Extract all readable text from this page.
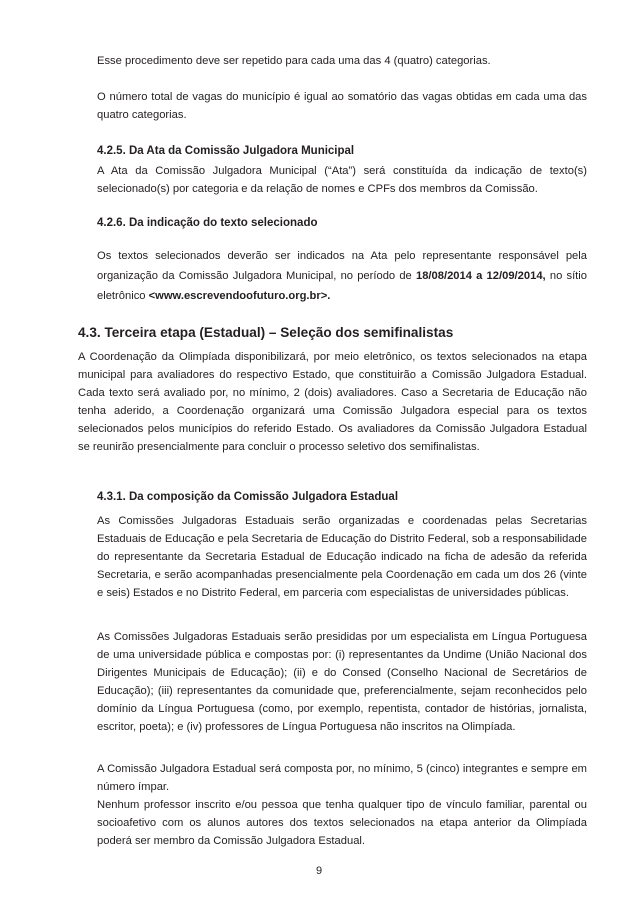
Esse procedimento deve ser repetido para cada uma das 4 (quatro) categorias.

O número total de vagas do município é igual ao somatório das vagas obtidas em cada uma das quatro categorias.

4.2.5. Da Ata da Comissão Julgadora Municipal

A Ata da Comissão Julgadora Municipal (“Ata”) será constituída da indicação de texto(s) selecionado(s) por categoria e da relação de nomes e CPFs dos membros da Comissão.

4.2.6. Da indicação do texto selecionado

Os textos selecionados deverão ser indicados na Ata pelo representante responsável pela organização da Comissão Julgadora Municipal, no período de 18/08/2014 a 12/09/2014, no sítio eletrônico <www.escrevendoofuturo.org.br>.

4.3. Terceira etapa (Estadual) – Seleção dos semifinalistas

A Coordenação da Olimpíada disponibilizará, por meio eletrônico, os textos selecionados na etapa municipal para avaliadores do respectivo Estado, que constituirão a Comissão Julgadora Estadual. Cada texto será avaliado por, no mínimo, 2 (dois) avaliadores. Caso a Secretaria de Educação não tenha aderido, a Coordenação organizará uma Comissão Julgadora especial para os textos selecionados pelos municípios do referido Estado. Os avaliadores da Comissão Julgadora Estadual se reunirão presencialmente para concluir o processo seletivo dos semifinalistas.

4.3.1. Da composição da Comissão Julgadora Estadual

As Comissões Julgadoras Estaduais serão organizadas e coordenadas pelas Secretarias Estaduais de Educação e pela Secretaria de Educação do Distrito Federal, sob a responsabilidade do representante da Secretaria Estadual de Educação indicado na ficha de adesão da referida Secretaria, e serão acompanhadas presencialmente pela Coordenação em cada um dos 26 (vinte e seis) Estados e no Distrito Federal, em parceria com especialistas de universidades públicas.

As Comissões Julgadoras Estaduais serão presididas por um especialista em Língua Portuguesa de uma universidade pública e compostas por: (i) representantes da Undime (União Nacional dos Dirigentes Municipais de Educação); (ii) e do Consed (Conselho Nacional de Secretários de Educação); (iii) representantes da comunidade que, preferencialmente, sejam reconhecidos pelo domínio da Língua Portuguesa (como, por exemplo, repentista, contador de histórias, jornalista, escritor, poeta); e (iv) professores de Língua Portuguesa não inscritos na Olimpíada.

A Comissão Julgadora Estadual será composta por, no mínimo, 5 (cinco) integrantes e sempre em número ímpar.

Nenhum professor inscrito e/ou pessoa que tenha qualquer tipo de vínculo familiar, parental ou socioafetivo com os alunos autores dos textos selecionados na etapa anterior da Olimpíada poderá ser membro da Comissão Julgadora Estadual.

9
